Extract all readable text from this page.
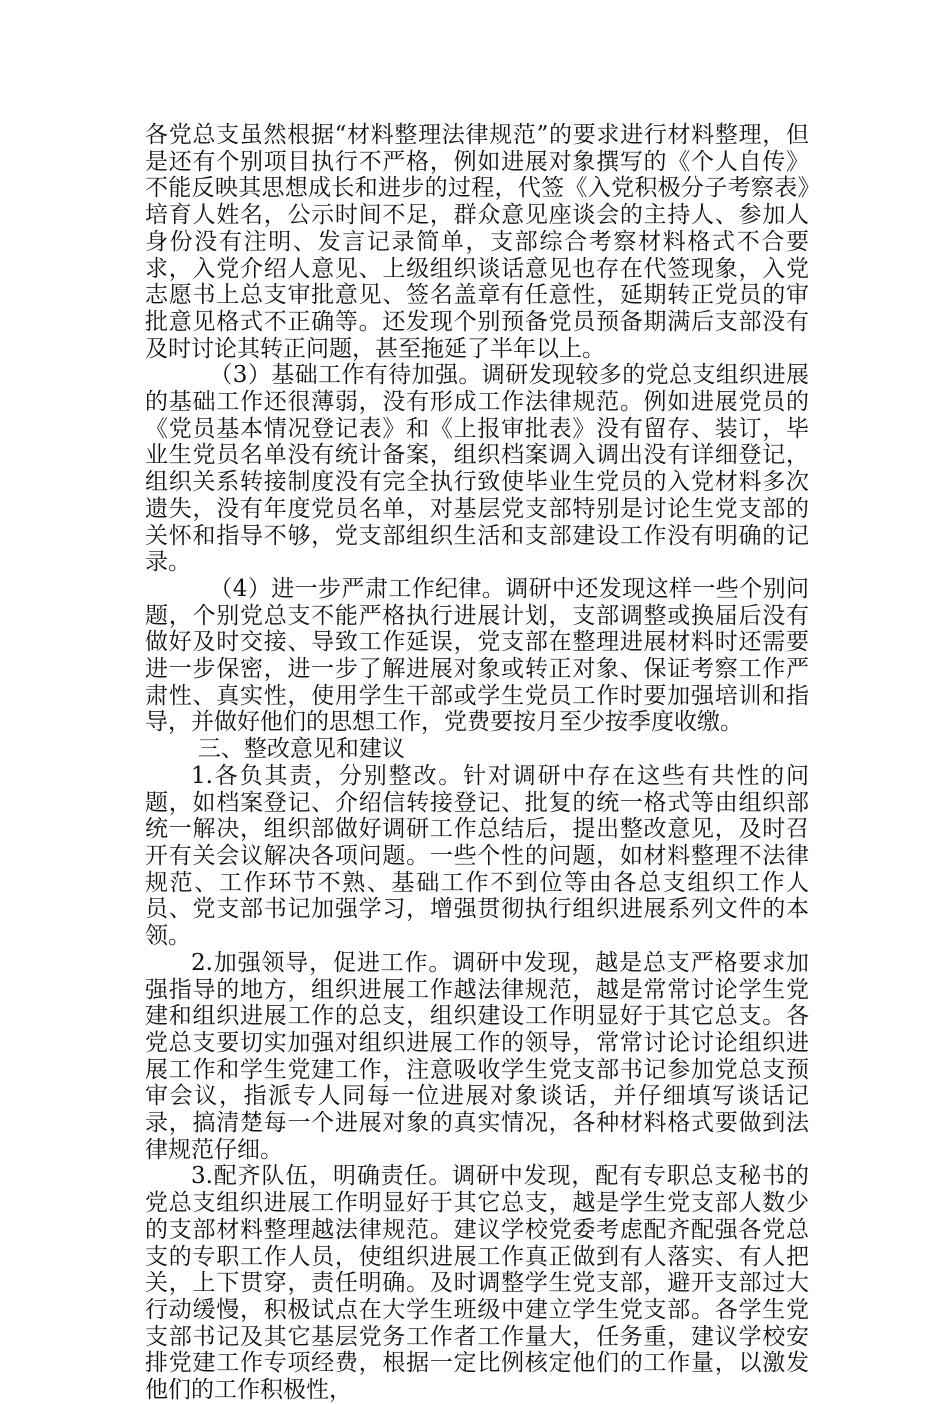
各党总支虽然根据“材料整理法律规范”的要求进行材料整理，但是还有个别项目执行不严格，例如进展对象撰写的《个人自传》不能反映其思想成长和进步的过程，代签《入党积极分子考察表》培育人姓名，公示时间不足，群众意见座谈会的主持人、参加人身份没有注明、发言记录简单，支部综合考察材料格式不合要求，入党介绍人意见、上级组织谈话意见也存在代签现象，入党志愿书上总支审批意见、签名盖章有任意性，延期转正党员的审批意见格式不正确等。还发现个别预备党员预备期满后支部没有及时讨论其转正问题，甚至拖延了半年以上。

（3）基础工作有待加强。调研发现较多的党总支组织进展的基础工作还很薄弱，没有形成工作法律规范。例如进展党员的《党员基本情况登记表》和《上报审批表》没有留存、装订，毕业生党员名单没有统计备案，组织档案调入调出没有详细登记，组织关系转接制度没有完全执行致使毕业生党员的入党材料多次遗失，没有年度党员名单，对基层党支部特别是讨论生党支部的关怀和指导不够，党支部组织生活和支部建设工作没有明确的记录。

（4）进一步严肃工作纪律。调研中还发现这样一些个别问题，个别党总支不能严格执行进展计划，支部调整或换届后没有做好及时交接、导致工作延误，党支部在整理进展材料时还需要进一步保密，进一步了解进展对象或转正对象、保证考察工作严肃性、真实性，使用学生干部或学生党员工作时要加强培训和指导，并做好他们的思想工作，党费要按月至少按季度收缴。

三、整改意见和建议

1.各负其责，分别整改。针对调研中存在这些有共性的问题，如档案登记、介绍信转接登记、批复的统一格式等由组织部统一解决，组织部做好调研工作总结后，提出整改意见，及时召开有关会议解决各项问题。一些个性的问题，如材料整理不法律规范、工作环节不熟、基础工作不到位等由各总支组织工作人员、党支部书记加强学习，增强贯彻执行组织进展系列文件的本领。

2.加强领导，促进工作。调研中发现，越是总支严格要求加强指导的地方，组织进展工作越法律规范，越是常常讨论学生党建和组织进展工作的总支，组织建设工作明显好于其它总支。各党总支要切实加强对组织进展工作的领导，常常讨论讨论组织进展工作和学生党建工作，注意吸收学生党支部书记参加党总支预审会议，指派专人同每一位进展对象谈话，并仔细填写谈话记录，搞清楚每一个进展对象的真实情况，各种材料格式要做到法律规范仔细。

3.配齐队伍，明确责任。调研中发现，配有专职总支秘书的党总支组织进展工作明显好于其它总支，越是学生党支部人数少的支部材料整理越法律规范。建议学校党委考虑配齐配强各党总支的专职工作人员，使组织进展工作真正做到有人落实、有人把关，上下贯穿，责任明确。及时调整学生党支部，避开支部过大行动缓慢，积极试点在大学生班级中建立学生党支部。各学生党支部书记及其它基层党务工作者工作量大，任务重，建议学校安排党建工作专项经费，根据一定比例核定他们的工作量，以激发他们的工作积极性，
